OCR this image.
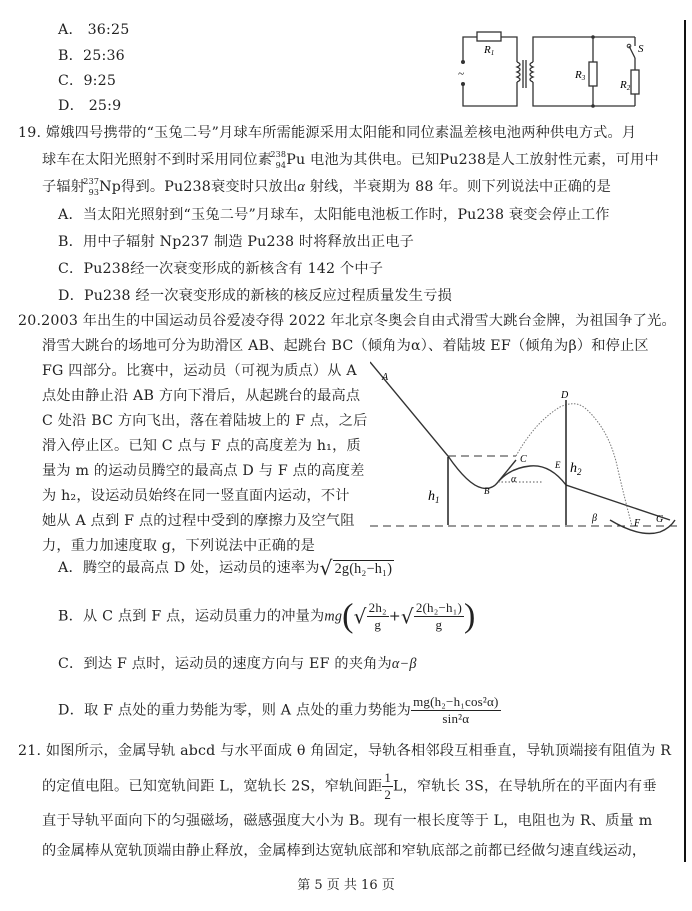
A． 36:25
B．25:36
C．9:25
D． 25:9
~
R1
R3
S
R2
19. 嫦娥四号携带的“玉兔二号”月球车所需能源采用太阳能和同位素温差核电池两种供电方式。月
球车在太阳光照射不到时采用同位素
238
94 Pu 电池为其供电。已知Pu238是人工放射性元素，可用中
子辐射
237
93 Np得到。Pu238衰变时只放出α 射线，半衰期为 88 年。则下列说法中正确的是
A．当太阳光照射到“玉兔二号”月球车，太阳能电池板工作时，Pu238 衰变会停止工作
B．用中子辐射 Np237 制造 Pu238 时将释放出正电子
C．Pu238经一次衰变形成的新核含有 142 个中子
D．Pu238 经一次衰变形成的新核的核反应过程质量发生亏损
20.2003 年出生的中国运动员谷爱凌夺得 2022 年北京冬奥会自由式滑雪大跳台金牌，为祖国争了光。
滑雪大跳台的场地可分为助滑区 AB、起跳台 BC（倾角为α）、着陆坡 EF（倾角为β）和停止区
FG 四部分。比赛中，运动员（可视为质点）从 A
点处由静止沿 AB 方向下滑后，从起跳台的最高点
C 处沿 BC 方向飞出，落在着陆坡上的 F 点，之后
滑入停止区。已知 C 点与 F 点的高度差为 h₁，质
量为 m 的运动员腾空的最高点 D 与 F 点的高度差
为 h₂，设运动员始终在同一竖直面内运动，不计
她从 A 点到 F 点的过程中受到的摩擦力及空气阻
力，重力加速度取 g，下列说法中正确的是
$h_1$
$h_2$
A
B
C
D
E
F G
α
β
A．腾空的最高点 D 处，运动员的速率为√ 2g(h₂−h₁)
B．从 C 点到 F 点，运动员重力的冲量为$mg(√ \frac{\text{2h₂}}{g}$ +√ $\frac{\text{2(h₂−h₁)}}{g}$ )
C．到达 F 点时，运动员的速度方向与 EF 的夹角为α−β
D．取 F 点处的重力势能为零，则 A 点处的重力势能为 $\frac{\text{mg(h₂−h₁cos²α)}}{\text{sin²α}}$
21. 如图所示，金属导轨 abcd 与水平面成 θ 角固定，导轨各相邻段互相垂直，导轨顶端接有阻值为 R
的定值电阻。已知宽轨间距 L，宽轨长 2S，窄轨间距 $\frac{1}{2}$ L，窄轨长 3S，在导轨所在的平面内有垂
直于导轨平面向下的匀强磁场，磁感强度大小为 B。现有一根长度等于 L，电阻也为 R、质量 m
的金属棒从宽轨顶端由静止释放，金属棒到达宽轨底部和窄轨底部之前都已经做匀速直线运动，
第 5 页 共 16 页
